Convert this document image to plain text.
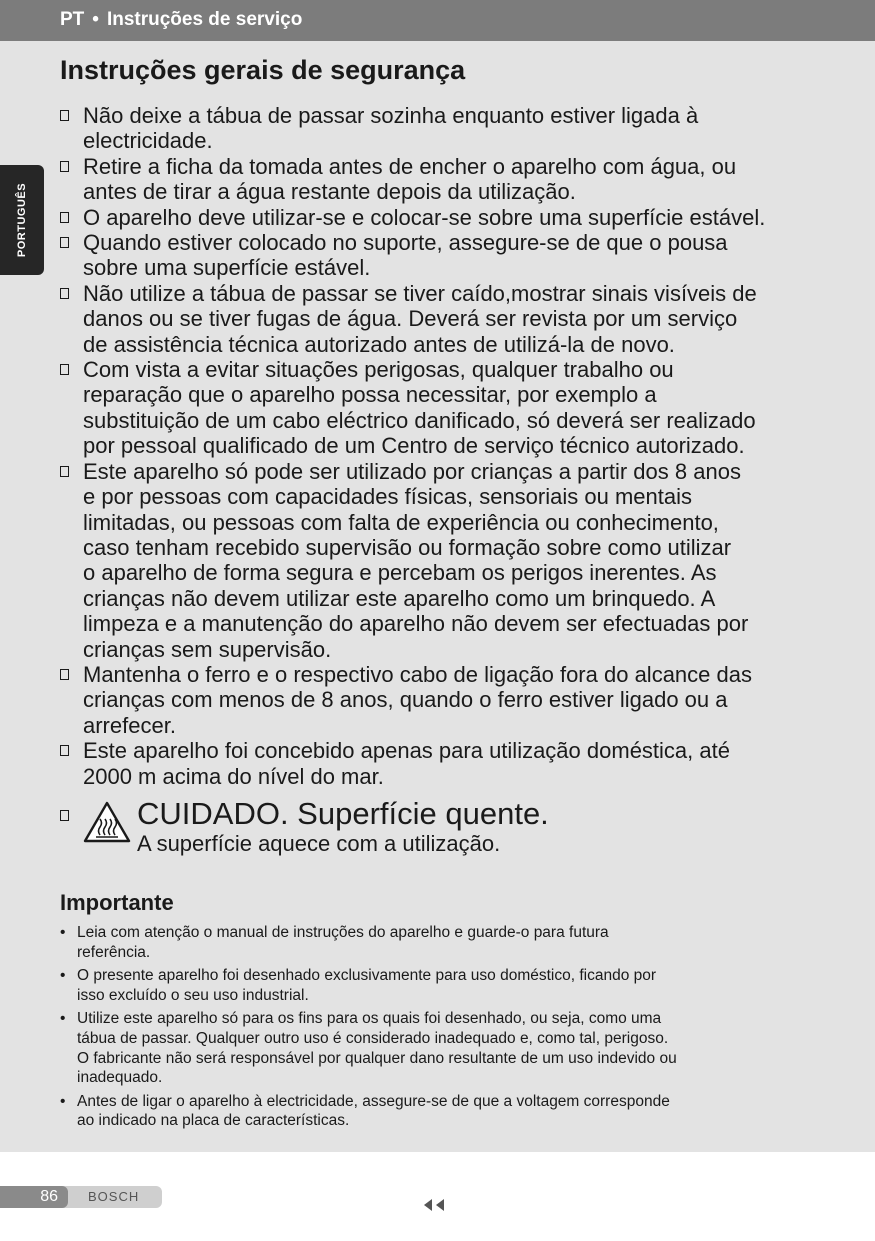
PT • Instruções de serviço
PORTUGUÊS
Instruções gerais de segurança
Não deixe a tábua de passar sozinha enquanto estiver ligada à
electricidade.
Retire a ficha da tomada antes de encher o aparelho com água, ou
antes de tirar a água restante depois da utilização.
O aparelho deve utilizar-se e colocar-se sobre uma superfície estável.
Quando estiver colocado no suporte, assegure-se de que o pousa
sobre uma superfície estável.
Não utilize a tábua de passar se tiver caído,mostrar sinais visíveis de
danos ou se tiver fugas de água. Deverá ser revista por um serviço
de assistência técnica autorizado antes de utilizá-la de novo.
Com vista a evitar situações perigosas, qualquer trabalho ou
reparação que o aparelho possa necessitar, por exemplo a
substituição de um cabo eléctrico danificado, só deverá ser realizado
por pessoal qualificado de um Centro de serviço técnico autorizado.
Este aparelho só pode ser utilizado por crianças a partir dos 8 anos
e por pessoas com capacidades físicas, sensoriais ou mentais
limitadas, ou pessoas com falta de experiência ou conhecimento,
caso tenham recebido supervisão ou formação sobre como utilizar
o aparelho de forma segura e percebam os perigos inerentes. As
crianças não devem utilizar este aparelho como um brinquedo. A
limpeza e a manutenção do aparelho não devem ser efectuadas por
crianças sem supervisão.
Mantenha o ferro e o respectivo cabo de ligação fora do alcance das
crianças com menos de 8 anos, quando o ferro estiver ligado ou a
arrefecer.
Este aparelho foi concebido apenas para utilização doméstica, até
2000 m acima do nível do mar.
CUIDADO. Superfície quente.
A superfície aquece com a utilização.
Importante
• Leia com atenção o manual de instruções do aparelho e guarde-o para futura
referência.
• O presente aparelho foi desenhado exclusivamente para uso doméstico, ficando por
isso excluído o seu uso industrial.
• Utilize este aparelho só para os fins para os quais foi desenhado, ou seja, como uma
tábua de passar. Qualquer outro uso é considerado inadequado e, como tal, perigoso.
O fabricante não será responsável por qualquer dano resultante de um uso indevido ou
inadequado.
• Antes de ligar o aparelho à electricidade, assegure-se de que a voltagem corresponde
ao indicado na placa de características.
86	BOSCH
